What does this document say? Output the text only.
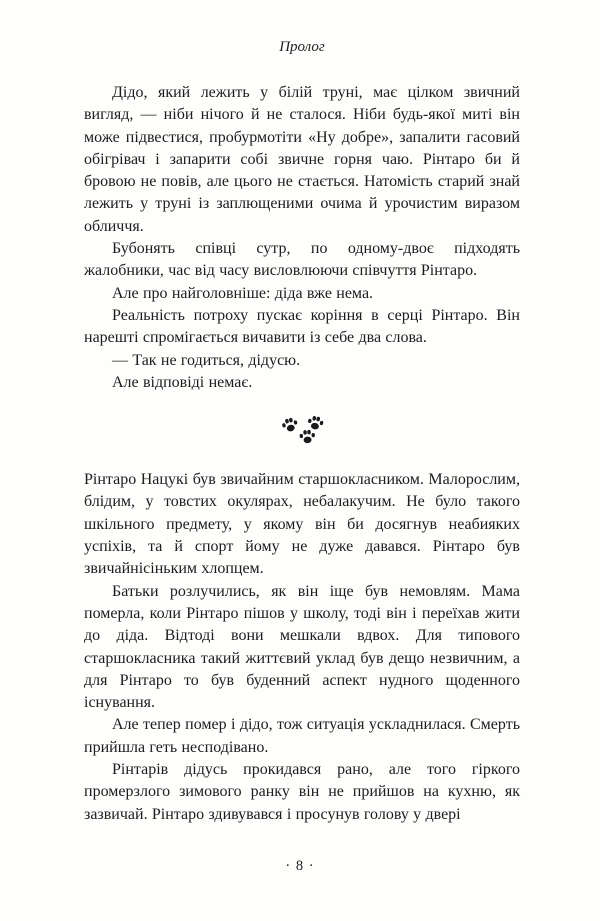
Пролог

Дідо, який лежить у білій труні, має цілком звичний вигляд, — ніби нічого й не сталося. Ніби будь-якої миті він може підвестися, пробурмотіти «Ну добре», запалити гасовий обігрівач і запарити собі звичне горня чаю. Рінтаро би й бровою не повів, але цього не стається. Натомість старий знай лежить у труні із заплющеними очима й урочистим виразом обличчя.

Бубонять співці сутр, по одному-двоє підходять жалобники, час від часу висловлюючи співчуття Рінтаро.

Але про найголовніше: діда вже нема.

Реальність потроху пускає коріння в серці Рінтаро. Він нарешті спромігається вичавити із себе два слова.

— Так не годиться, дідусю.

Але відповіді немає.

Рінтаро Нацукі був звичайним старшокласником. Малорослим, блідим, у товстих окулярах, небалакучим. Не було такого шкільного предмету, у якому він би досягнув неабияких успіхів, та й спорт йому не дуже давався. Рінтаро був звичайнісіньким хлопцем.

Батьки розлучились, як він іще був немовлям. Мама померла, коли Рінтаро пішов у школу, тоді він і переїхав жити до діда. Відтоді вони мешкали вдвох. Для типового старшокласника такий життєвий уклад був дещо незвичним, а для Рінтаро то був буденний аспект нудного щоденного існування.

Але тепер помер і дідо, тож ситуація ускладнилася. Смерть прийшла геть несподівано.

Рінтарів дідусь прокидався рано, але того гіркого промерзлого зимового ранку він не прийшов на кухню, як зазвичай. Рінтаро здивувався і просунув голову у двері

· 8 ·
